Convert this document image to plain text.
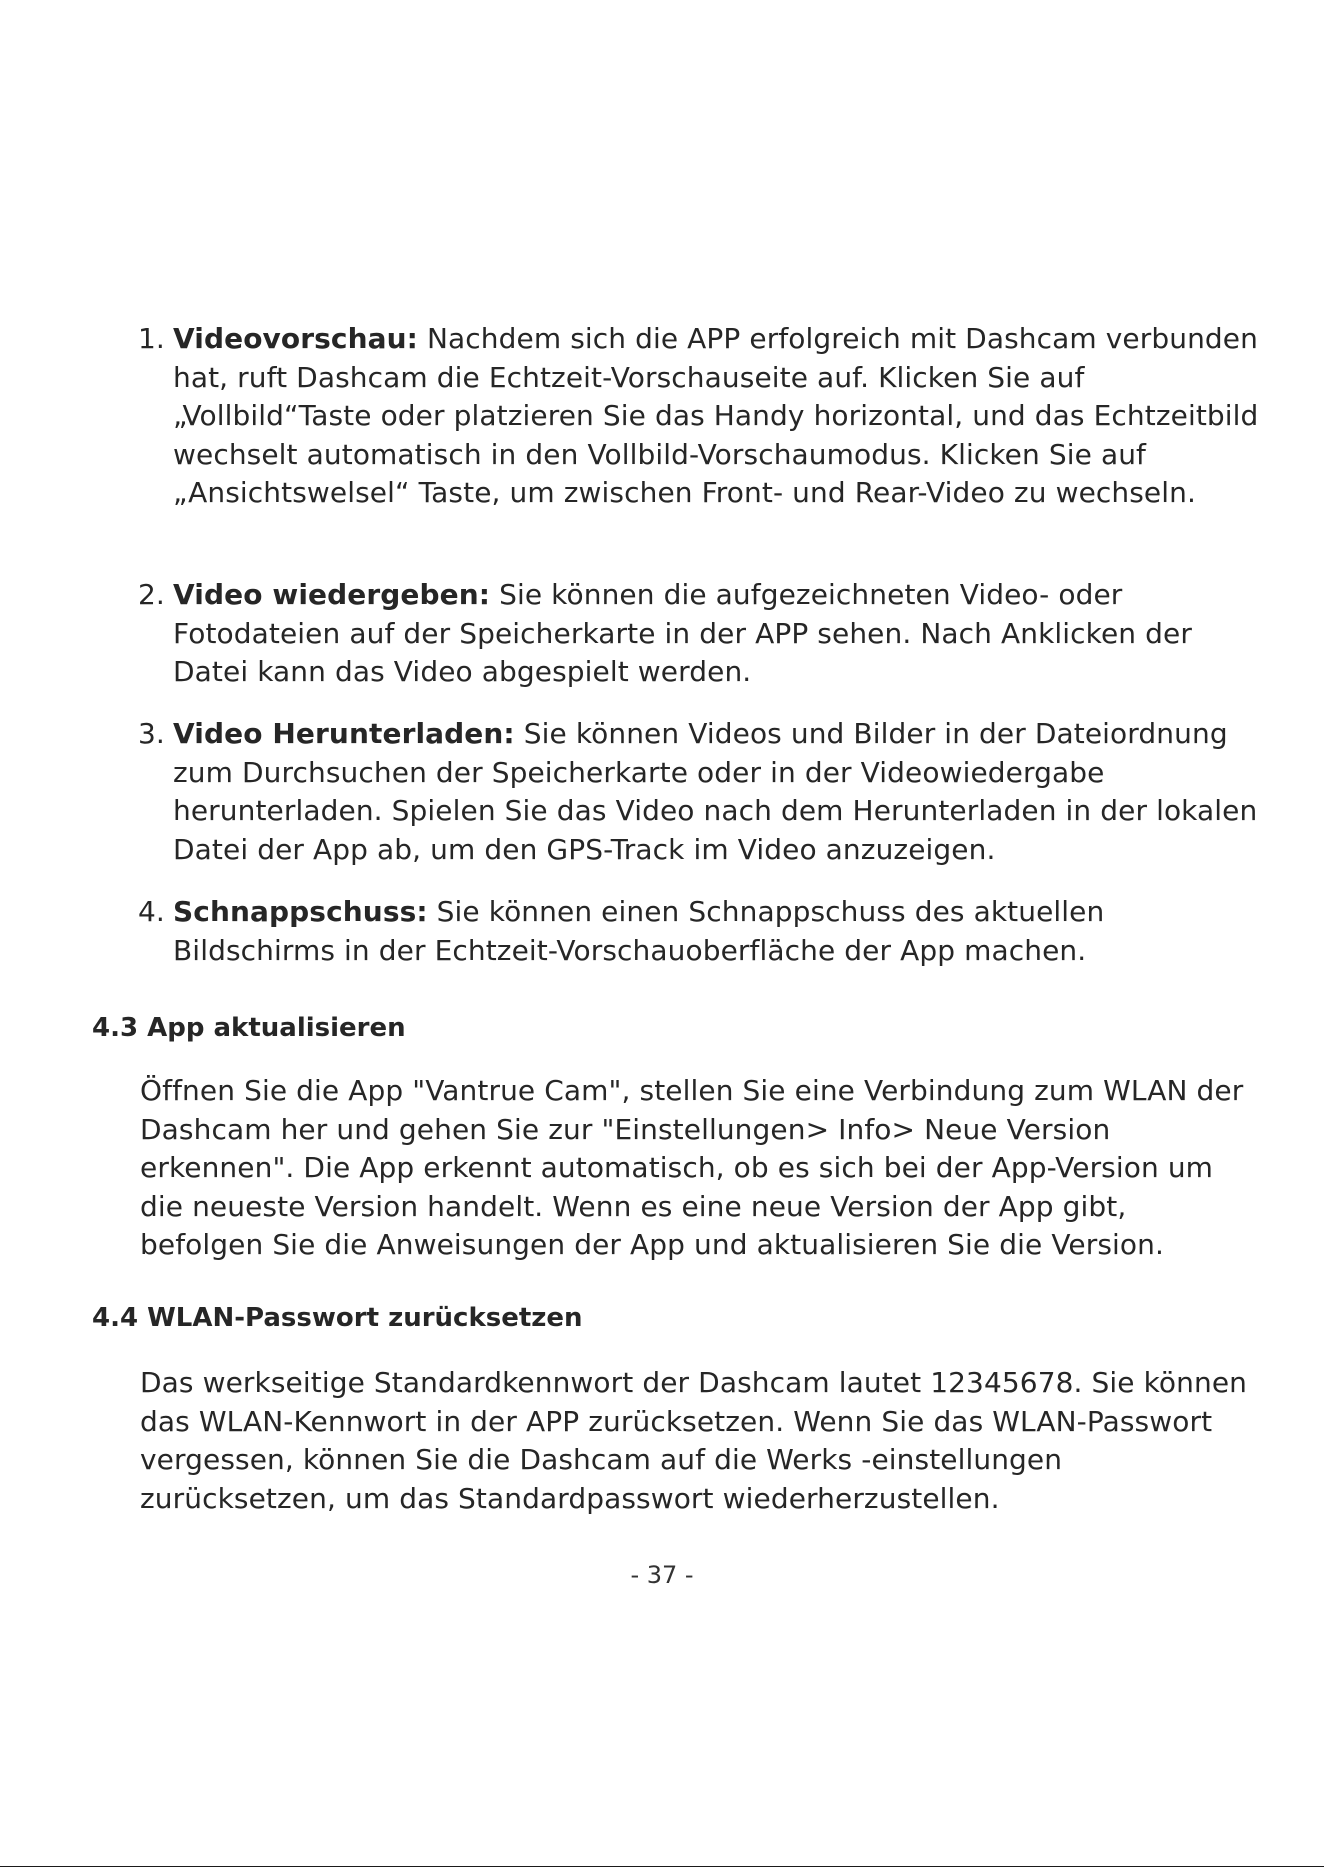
1. Videovorschau: Nachdem sich die APP erfolgreich mit Dashcam verbunden hat, ruft Dashcam die Echtzeit-Vorschauseite auf. Klicken Sie auf „Vollbild“Taste oder platzieren Sie das Handy horizontal, und das Echtzeitbild wechselt automatisch in den Vollbild-Vorschaumodus. Klicken Sie auf „Ansichtswelsel“ Taste, um zwischen Front- und Rear-Video zu wechseln.
2. Video wiedergeben: Sie können die aufgezeichneten Video- oder Fotodateien auf der Speicherkarte in der APP sehen. Nach Anklicken der Datei kann das Video abgespielt werden.
3. Video Herunterladen: Sie können Videos und Bilder in der Dateiordnung zum Durchsuchen der Speicherkarte oder in der Videowiedergabe herunterladen. Spielen Sie das Video nach dem Herunterladen in der lokalen Datei der App ab, um den GPS-Track im Video anzuzeigen.
4. Schnappschuss: Sie können einen Schnappschuss des aktuellen Bildschirms in der Echtzeit-Vorschauoberfläche der App machen.
4.3 App aktualisieren
Öffnen Sie die App "Vantrue Cam", stellen Sie eine Verbindung zum WLAN der Dashcam her und gehen Sie zur "Einstellungen> Info> Neue Version erkennen". Die App erkennt automatisch, ob es sich bei der App-Version um die neueste Version handelt. Wenn es eine neue Version der App gibt, befolgen Sie die Anweisungen der App und aktualisieren Sie die Version.
4.4 WLAN-Passwort zurücksetzen
Das werkseitige Standardkennwort der Dashcam lautet 12345678. Sie können das WLAN-Kennwort in der APP zurücksetzen. Wenn Sie das WLAN-Passwort vergessen, können Sie die Dashcam auf die Werks -einstellungen zurücksetzen, um das Standardpasswort wiederherzustellen.
- 37 -
